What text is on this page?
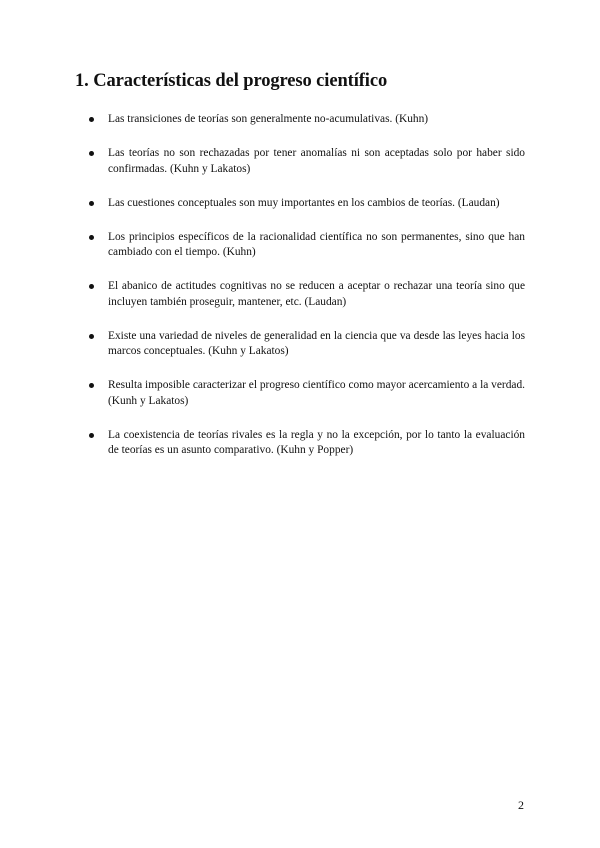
1. Características del progreso científico
Las transiciones de teorías son generalmente no-acumulativas. (Kuhn)
Las teorías no son rechazadas por tener anomalías ni son aceptadas solo por haber sido confirmadas. (Kuhn y Lakatos)
Las cuestiones conceptuales son muy importantes en los cambios de teorías. (Laudan)
Los principios específicos de la racionalidad científica no son permanentes, sino que han cambiado con el tiempo. (Kuhn)
El abanico de actitudes cognitivas no se reducen a aceptar o rechazar una teoría sino que incluyen también proseguir, mantener, etc. (Laudan)
Existe una variedad de niveles de generalidad en la ciencia que va desde las leyes hacia los marcos conceptuales. (Kuhn y Lakatos)
Resulta imposible caracterizar el progreso científico como mayor acercamiento a la verdad. (Kunh y Lakatos)
La coexistencia de teorías rivales es la regla y no la excepción, por lo tanto la evaluación de teorías es un asunto comparativo. (Kuhn y Popper)
2
